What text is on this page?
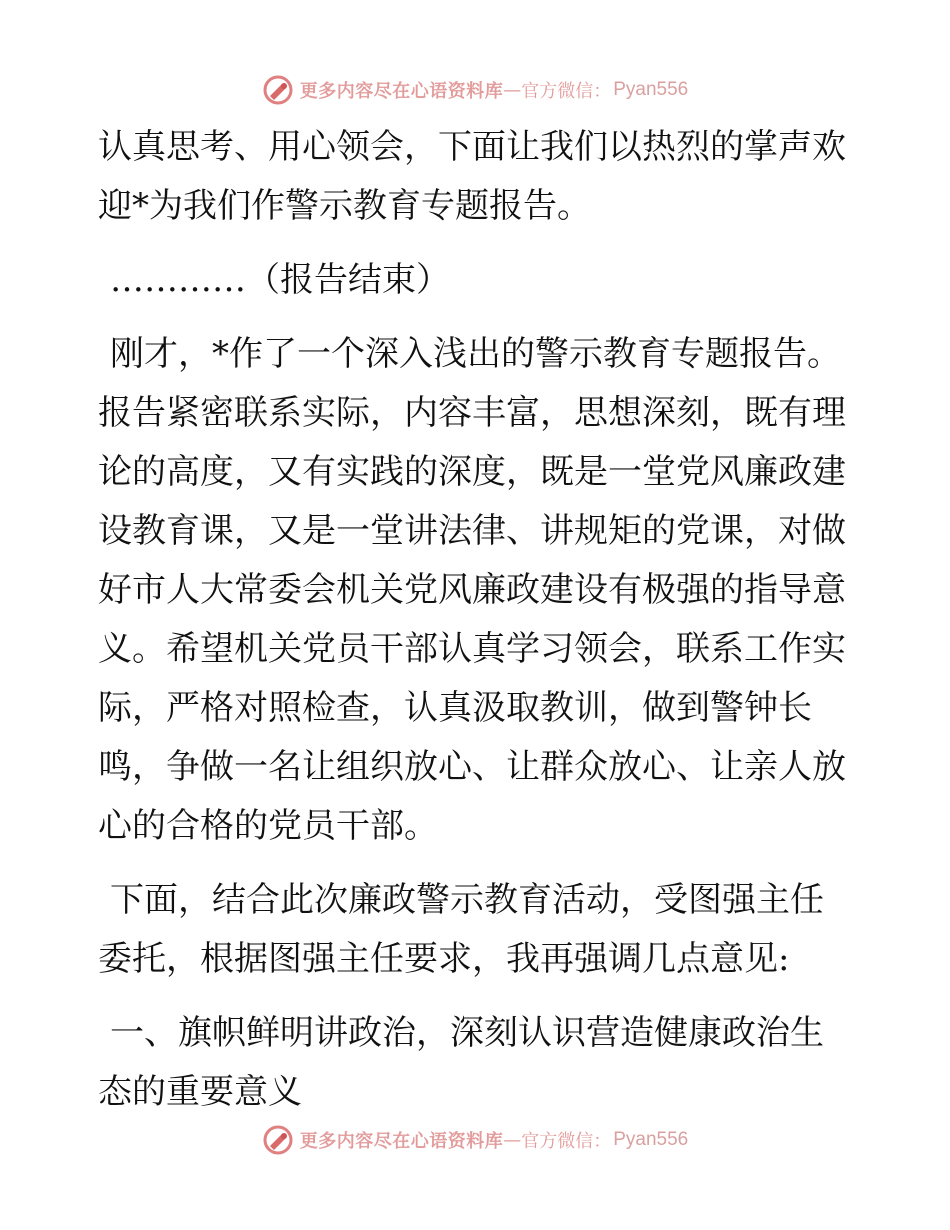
更多内容尽在心语资料库 — 官方微信： Pyan556

认真思考、用心领会，下面让我们以热烈的掌声欢

迎*为我们作警示教育专题报告。

…………（报告结束）

刚才，*作了一个深入浅出的警示教育专题报告。

报告紧密联系实际，内容丰富，思想深刻，既有理

论的高度，又有实践的深度，既是一堂党风廉政建

设教育课，又是一堂讲法律、讲规矩的党课，对做

好市人大常委会机关党风廉政建设有极强的指导意

义。希望机关党员干部认真学习领会，联系工作实

际，严格对照检查，认真汲取教训，做到警钟长

鸣，争做一名让组织放心、让群众放心、让亲人放

心的合格的党员干部。

下面，结合此次廉政警示教育活动，受图强主任

委托，根据图强主任要求，我再强调几点意见:

一、旗帜鲜明讲政治，深刻认识营造健康政治生

态的重要意义

更多内容尽在心语资料库 — 官方微信： Pyan556
